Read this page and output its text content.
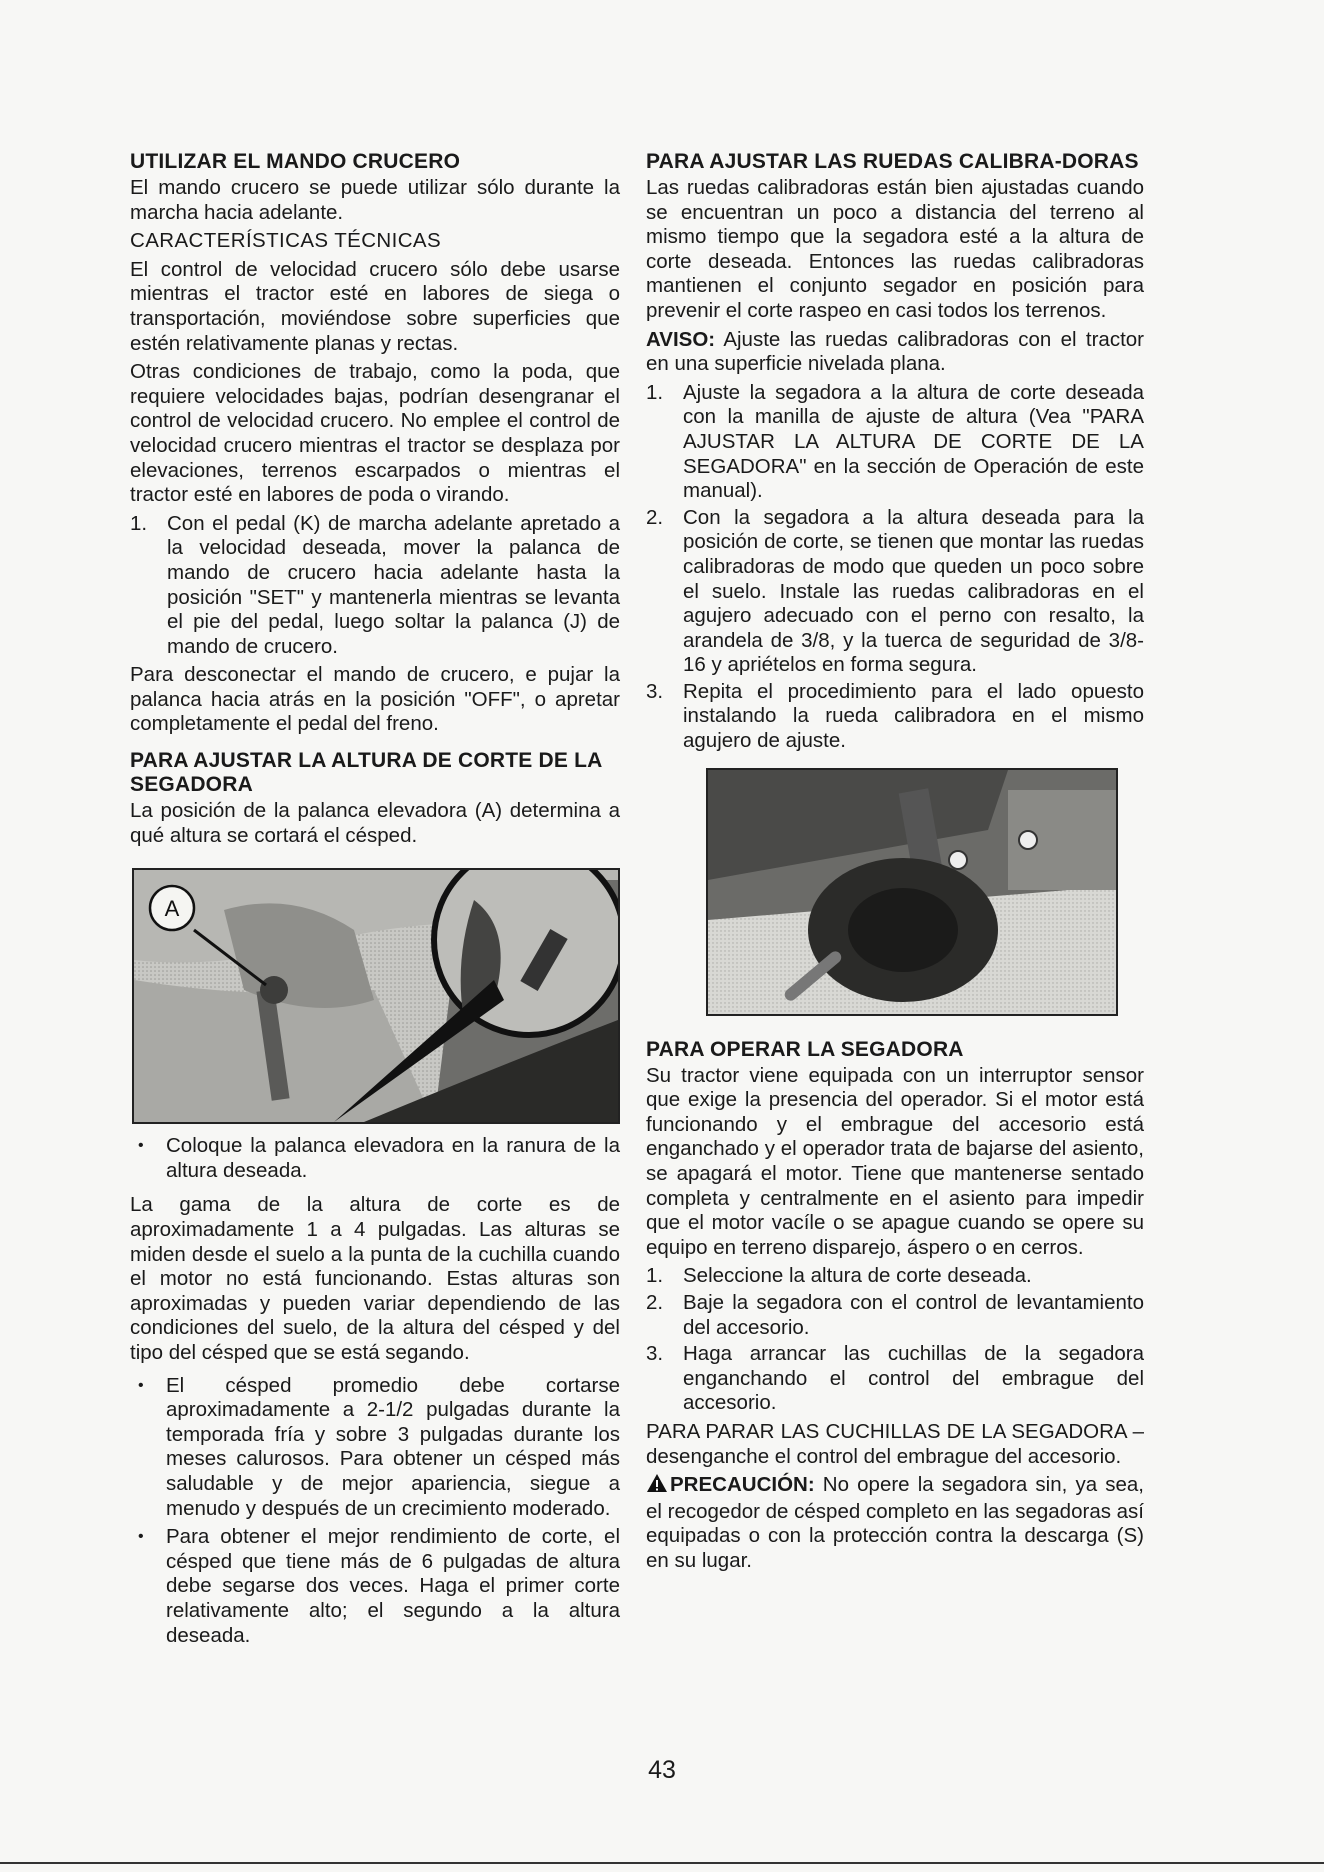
UTILIZAR EL MANDO CRUCERO

El mando crucero se puede utilizar sólo durante la marcha hacia adelante.

CARACTERÍSTICAS TÉCNICAS

El control de velocidad crucero sólo debe usarse mientras el tractor esté en labores de siega o transportación, moviéndose sobre superficies que estén relativamente planas y rectas.

Otras condiciones de trabajo, como la poda, que requiere velocidades bajas, podrían desengranar el control de velocidad crucero. No emplee el control de velocidad crucero mientras el tractor se desplaza por elevaciones, terrenos escarpados o mientras el tractor esté en labores de poda o virando.

1. Con el pedal (K) de marcha adelante apretado a la velocidad deseada, mover la palanca de mando de crucero hacia adelante hasta la posición "SET" y mantenerla mientras se levanta el pie del pedal, luego soltar la palanca (J) de mando de crucero.

Para desconectar el mando de crucero, e pujar la palanca hacia atrás en la posición "OFF", o apretar completamente el pedal del freno.

PARA AJUSTAR LA ALTURA DE CORTE DE LA SEGADORA

La posición de la palanca elevadora (A) determina a qué altura se cortará el césped.

A
• Coloque la palanca elevadora en la ranura de la altura deseada.

La gama de la altura de corte es de aproximadamente 1 a 4 pulgadas. Las alturas se miden desde el suelo a la punta de la cuchilla cuando el motor no está funcionando. Estas alturas son aproximadas y pueden variar dependiendo de las condiciones del suelo, de la altura del césped y del tipo del césped que se está segando.

• El césped promedio debe cortarse aproximadamente a 2-1/2 pulgadas durante la temporada fría y sobre 3 pulgadas durante los meses calurosos. Para obtener un césped más saludable y de mejor apariencia, siegue a menudo y después de un crecimiento moderado.
• Para obtener el mejor rendimiento de corte, el césped que tiene más de 6 pulgadas de altura debe segarse dos veces. Haga el primer corte relativamente alto; el segundo a la altura deseada.
PARA AJUSTAR LAS RUEDAS CALIBRA-DORAS

Las ruedas calibradoras están bien ajustadas cuando se encuentran un poco a distancia del terreno al mismo tiempo que la segadora esté a la altura de corte deseada. Entonces las ruedas calibradoras mantienen el conjunto segador en posición para prevenir el corte raspeo en casi todos los terrenos.

AVISO: Ajuste las ruedas calibradoras con el tractor en una superficie nivelada plana.

1. Ajuste la segadora a la altura de corte deseada con la manilla de ajuste de altura (Vea "PARA AJUSTAR LA ALTURA DE CORTE DE LA SEGADORA" en la sección de Operación de este manual).
2. Con la segadora a la altura deseada para la posición de corte, se tienen que montar las ruedas calibradoras de modo que queden un poco sobre el suelo. Instale las ruedas calibradoras en el agujero adecuado con el perno con resalto, la arandela de 3/8, y la tuerca de seguridad de 3/8-16 y apriételos en forma segura.
3. Repita el procedimiento para el lado opuesto instalando la rueda calibradora en el mismo agujero de ajuste.
PARA OPERAR LA SEGADORA

Su tractor viene equipada con un interruptor sensor que exige la presencia del operador. Si el motor está funcionando y el embrague del accesorio está enganchado y el operador trata de bajarse del asiento, se apagará el motor. Tiene que mantenerse sentado completa y centralmente en el asiento para impedir que el motor vacíle o se apague cuando se opere su equipo en terreno disparejo, áspero o en cerros.

1. Seleccione la altura de corte deseada.
2. Baje la segadora con el control de levantamiento del accesorio.
3. Haga arrancar las cuchillas de la segadora enganchando el control del embrague del accesorio.

PARA PARAR LAS CUCHILLAS DE LA SEGADORA – desenganche el control del embrague del accesorio.

PRECAUCIÓN: No opere la segadora sin, ya sea, el recogedor de césped completo en las segadoras así equipadas o con la protección contra la descarga (S) en su lugar.

43
